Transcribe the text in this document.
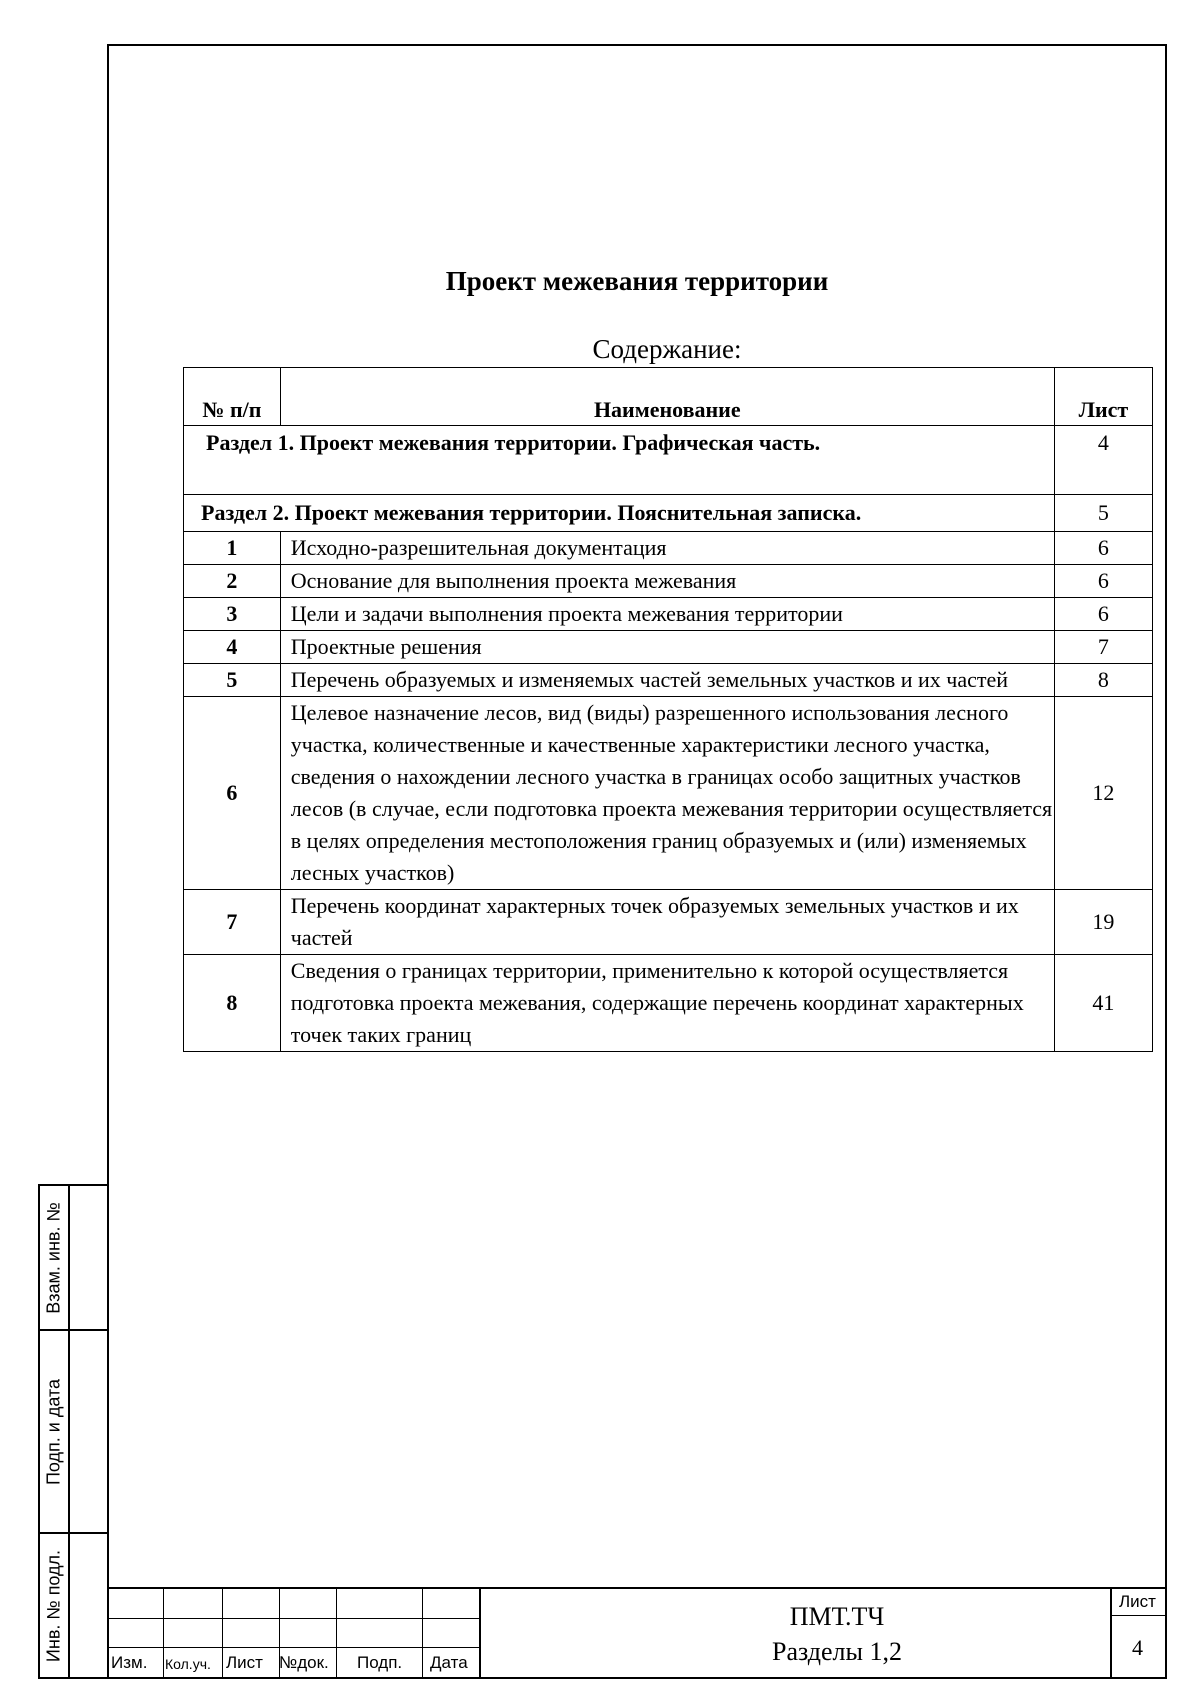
Проект межевания территории
Содержание:
№ п/п	Наименование	Лист
Раздел 1. Проект межевания территории. Графическая часть.		4
Раздел 2. Проект межевания территории. Пояснительная записка.		5
1	Исходно-разрешительная документация	6
2	Основание для выполнения проекта межевания	6
3	Цели и задачи выполнения проекта межевания территории	6
4	Проектные решения	7
5	Перечень образуемых и изменяемых частей земельных участков и их частей	8
6	Целевое назначение лесов, вид (виды) разрешенного использования лесного участка, количественные и качественные характеристики лесного участка, сведения о нахождении лесного участка в границах особо защитных участков лесов (в случае, если подготовка проекта межевания территории осуществляется в целях определения местоположения границ образуемых и (или) изменяемых лесных участков)	12
7	Перечень координат характерных точек образуемых земельных участков и их частей	19
8	Сведения о границах территории, применительно к которой осуществляется подготовка проекта межевания, содержащие перечень координат характерных точек таких границ	41
Взам. инв. №
Подп. и дата
Инв. № подл.
Изм. Кол.уч. Лист №док. Подп. Дата
ПМТ.ТЧ
Разделы 1,2
Лист
4
